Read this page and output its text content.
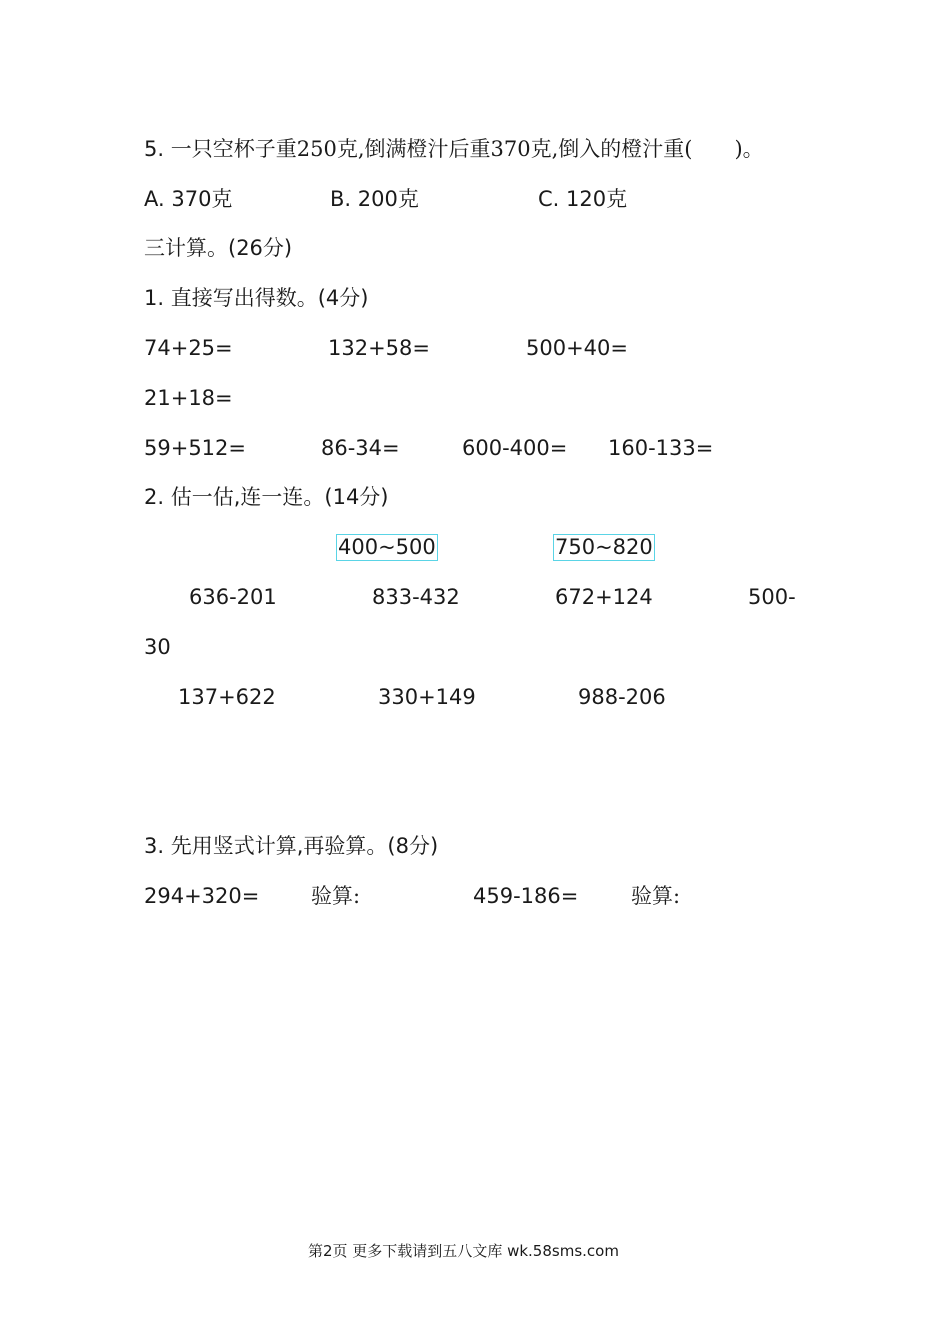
5. 一只空杯子重250克,倒满橙汁后重370克,倒入的橙汁重(　　)。
A. 370克	B. 200克	C. 120克
三计算。(26分)
1. 直接写出得数。(4分)
74+25=	132+58=	500+40=
21+18=
59+512=	86-34=	600-400= 160-133=
2. 估一估,连一连。(14分)
400~500	750~820
636-201	833-432	672+124	500-
30
137+622	330+149	988-206
3. 先用竖式计算,再验算。(8分)
294+320= 验算:	459-186=	验算:
第2页 更多下载请到五八文库 wk.58sms.com
